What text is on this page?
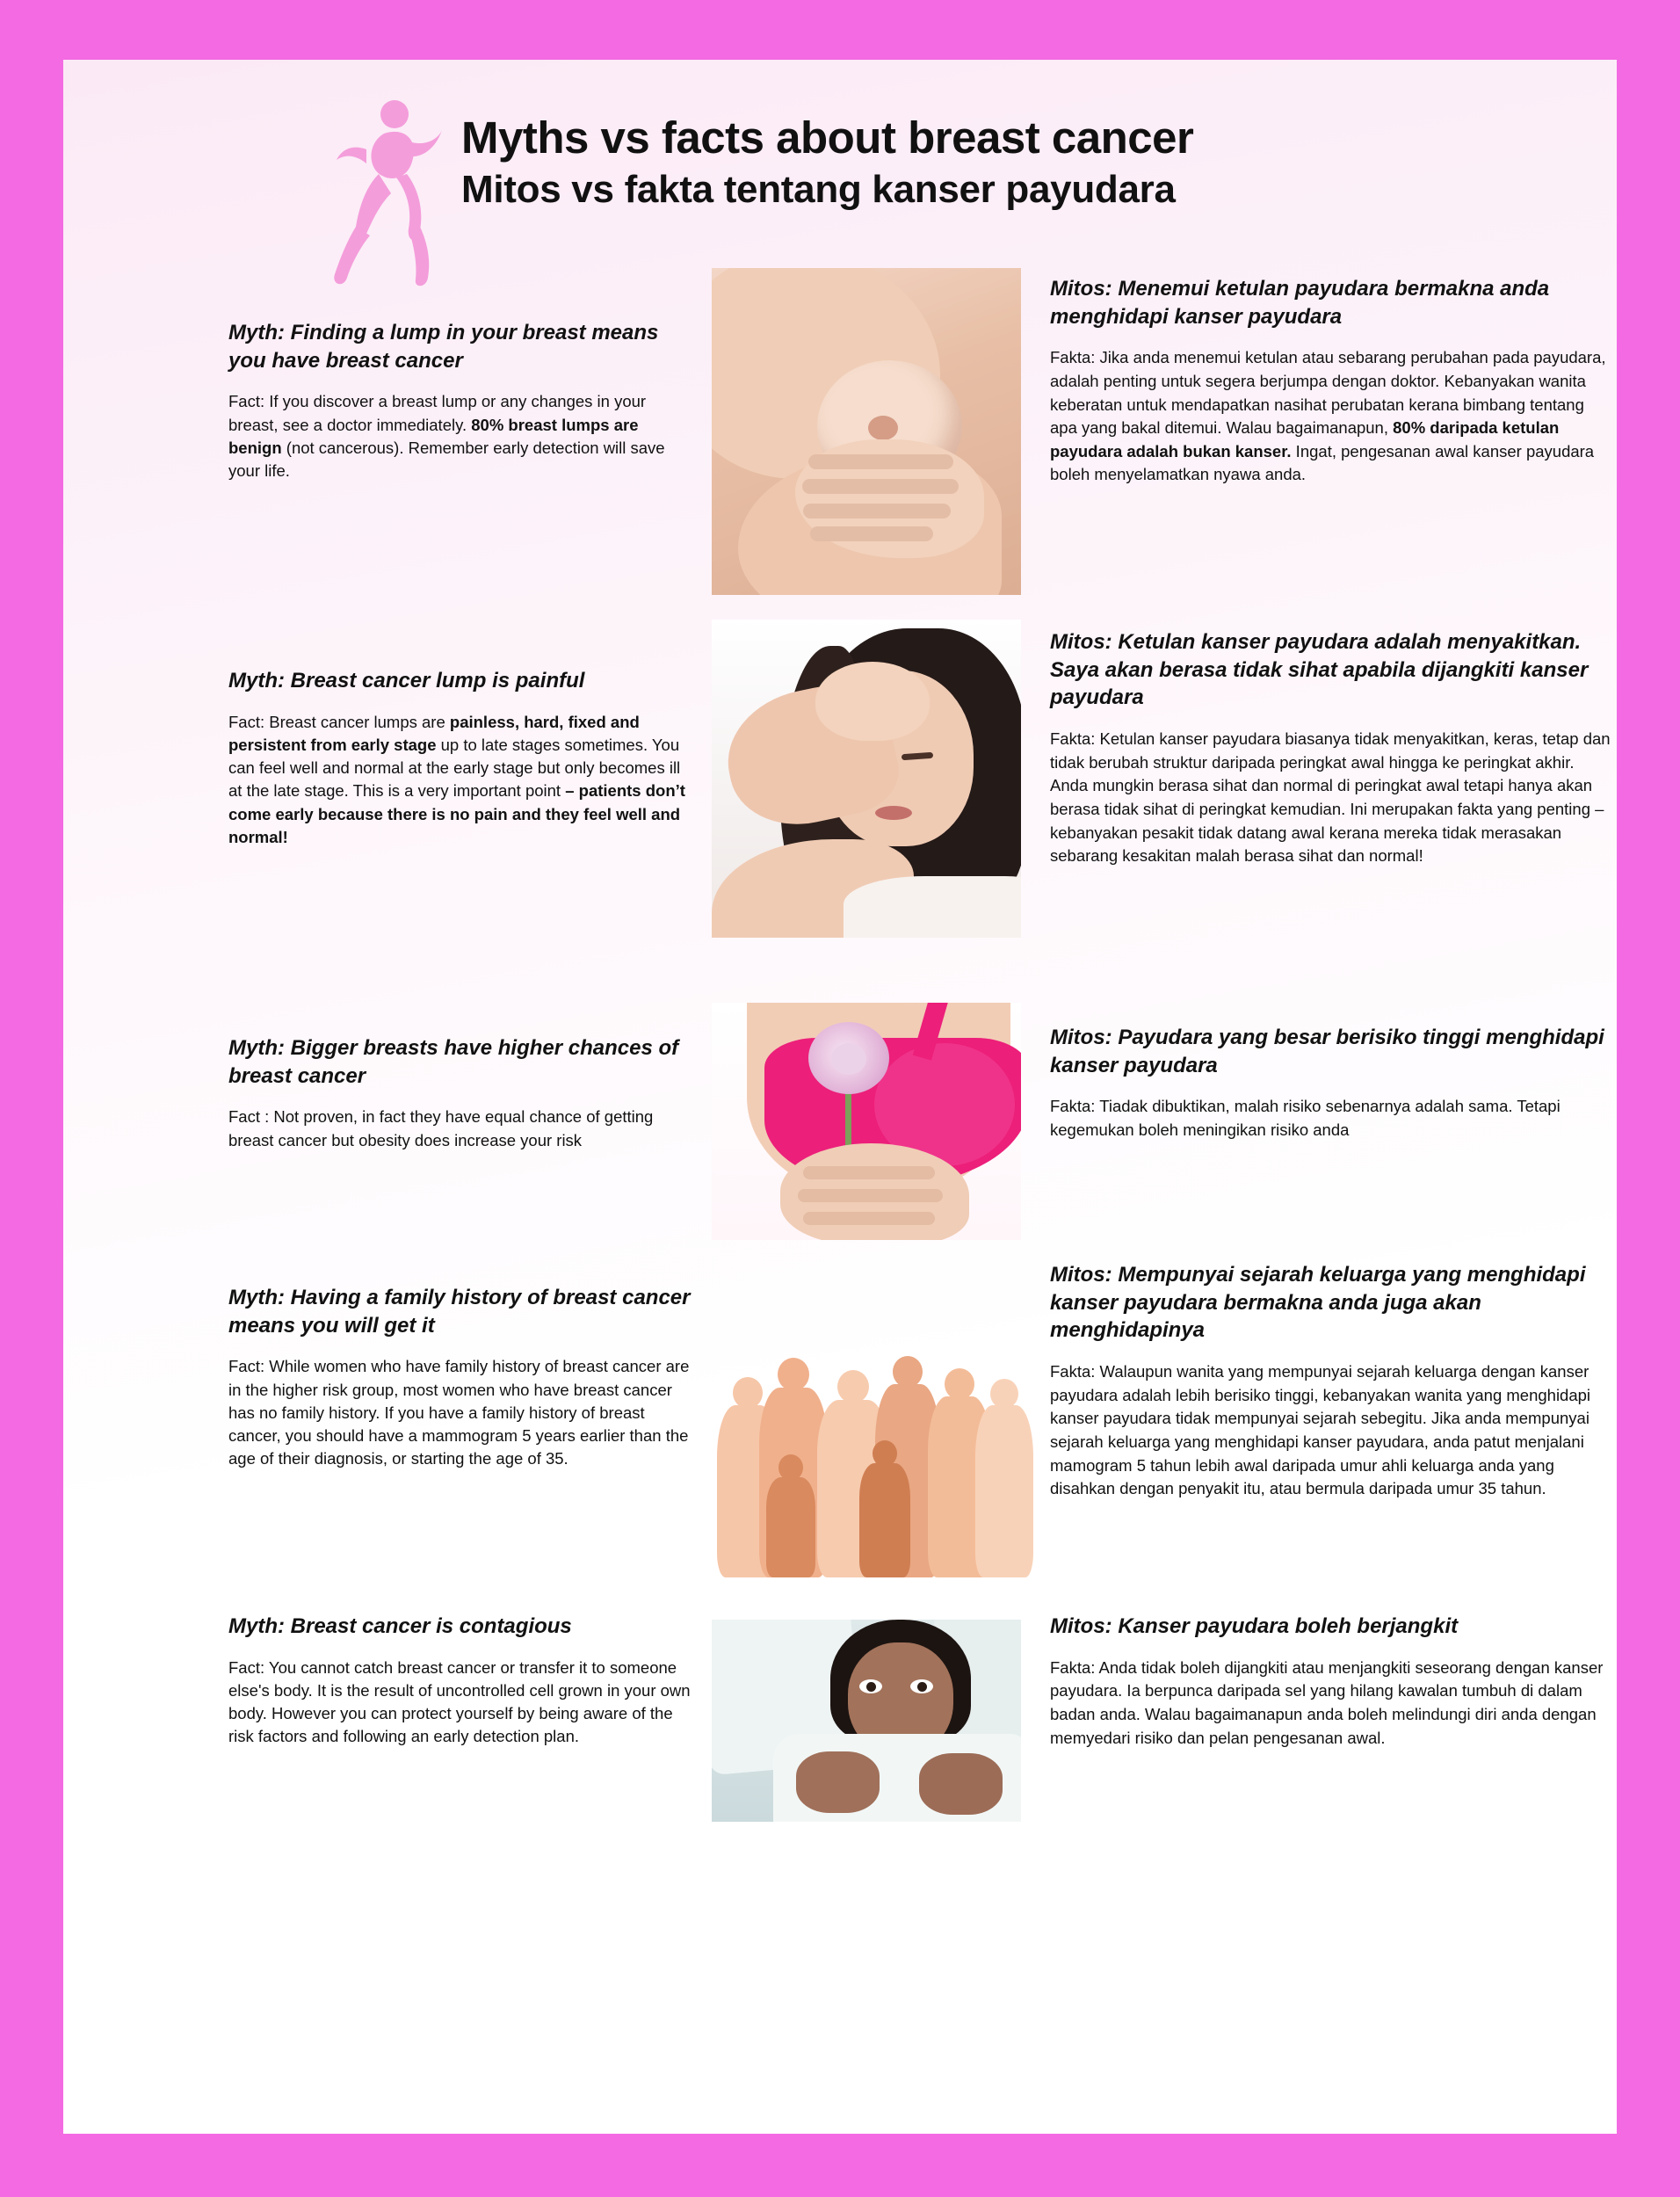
Myths vs facts about breast cancer
Mitos vs fakta tentang kanser payudara
Myth: Finding a lump in your breast means you have breast cancer
Fact: If you discover a breast lump or any changes in your breast, see a doctor immediately. 80% breast lumps are benign (not cancerous). Remember early detection will save your life.
Mitos: Menemui ketulan payudara bermakna anda menghidapi kanser payudara
Fakta: Jika anda menemui ketulan atau sebarang perubahan pada payudara, adalah penting untuk segera berjumpa dengan doktor. Kebanyakan wanita keberatan untuk mendapatkan nasihat perubatan kerana bimbang tentang apa yang bakal ditemui. Walau bagaimanapun, 80% daripada ketulan payudara adalah bukan kanser. Ingat, pengesanan awal kanser payudara boleh menyelamatkan nyawa anda.
Myth: Breast cancer lump is painful
Fact: Breast cancer lumps are painless, hard, fixed and persistent from early stage up to late stages sometimes. You can feel well and normal at the early stage but only becomes ill at the late stage. This is a very important point – patients don’t come early because there is no pain and they feel well and normal!
Mitos: Ketulan kanser payudara adalah menyakitkan. Saya akan berasa tidak sihat apabila dijangkiti kanser payudara
Fakta: Ketulan kanser payudara biasanya tidak menyakitkan, keras, tetap dan tidak berubah struktur daripada peringkat awal hingga ke peringkat akhir. Anda mungkin berasa sihat dan normal di peringkat awal tetapi hanya akan berasa tidak sihat di peringkat kemudian. Ini merupakan fakta yang penting – kebanyakan pesakit tidak datang awal kerana mereka tidak merasakan sebarang kesakitan malah berasa sihat dan normal!
Myth: Bigger breasts have higher chances of breast cancer
Fact : Not proven, in fact they have equal chance of getting breast cancer but obesity does increase your risk
Mitos: Payudara yang besar berisiko tinggi menghidapi kanser payudara
Fakta: Tiadak dibuktikan, malah risiko sebenarnya adalah sama. Tetapi kegemukan boleh meningikan risiko anda
Myth: Having a family history of breast cancer means you will get it
Fact: While women who have family history of breast cancer are in the higher risk group, most women who have breast cancer has no family history. If you have a family history of breast cancer, you should have a mammogram 5 years earlier than the age of their diagnosis, or starting the age of 35.
Mitos: Mempunyai sejarah keluarga yang menghidapi kanser payudara bermakna anda juga akan menghidapinya
Fakta: Walaupun wanita yang mempunyai sejarah keluarga dengan kanser payudara adalah lebih berisiko tinggi, kebanyakan wanita yang menghidapi kanser payudara tidak mempunyai sejarah sebegitu. Jika anda mempunyai sejarah keluarga yang menghidapi kanser payudara, anda patut menjalani mamogram 5 tahun lebih awal daripada umur ahli keluarga anda yang disahkan dengan penyakit itu, atau bermula daripada umur 35 tahun.
Myth: Breast cancer is contagious
Fact: You cannot catch breast cancer or transfer it to someone else's body. It is the result of uncontrolled cell grown in your own body. However you can protect yourself by being aware of the risk factors and following an early detection plan.
Mitos: Kanser payudara boleh berjangkit
Fakta: Anda tidak boleh dijangkiti atau menjangkiti seseorang dengan kanser payudara. Ia berpunca daripada sel yang hilang kawalan tumbuh di dalam badan anda. Walau bagaimanapun anda boleh melindungi diri anda dengan memyedari risiko dan pelan pengesanan awal.
